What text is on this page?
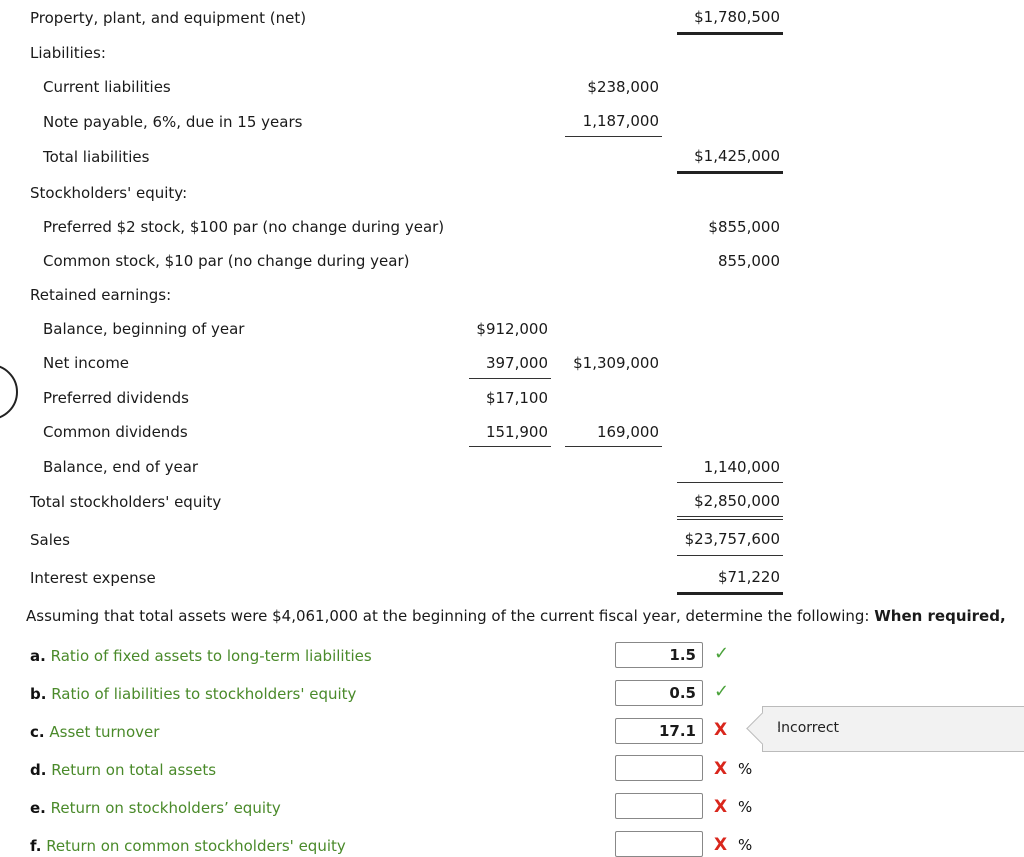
Property, plant, and equipment (net)	$1,780,500
Liabilities:
Current liabilities	$238,000
Note payable, 6%, due in 15 years	1,187,000
Total liabilities	$1,425,000
Stockholders' equity:
Preferred $2 stock, $100 par (no change during year)	$855,000
Common stock, $10 par (no change during year)	855,000
Retained earnings:
Balance, beginning of year	$912,000
Net income	397,000 $1,309,000
Preferred dividends	$17,100
Common dividends	151,900	169,000
Balance, end of year	1,140,000
Total stockholders' equity	$2,850,000
Sales	$23,757,600
Interest expense	$71,220
Assuming that total assets were $4,061,000 at the beginning of the current fiscal year, determine the following: When required,
a. Ratio of fixed assets to long-term liabilities	1.5	✓
b. Ratio of liabilities to stockholders' equity	0.5	✓
c. Asset turnover	17.1	X	Incorrect
d. Return on total assets	X %
e. Return on stockholders’ equity	X %
f. Return on common stockholders' equity	X %
